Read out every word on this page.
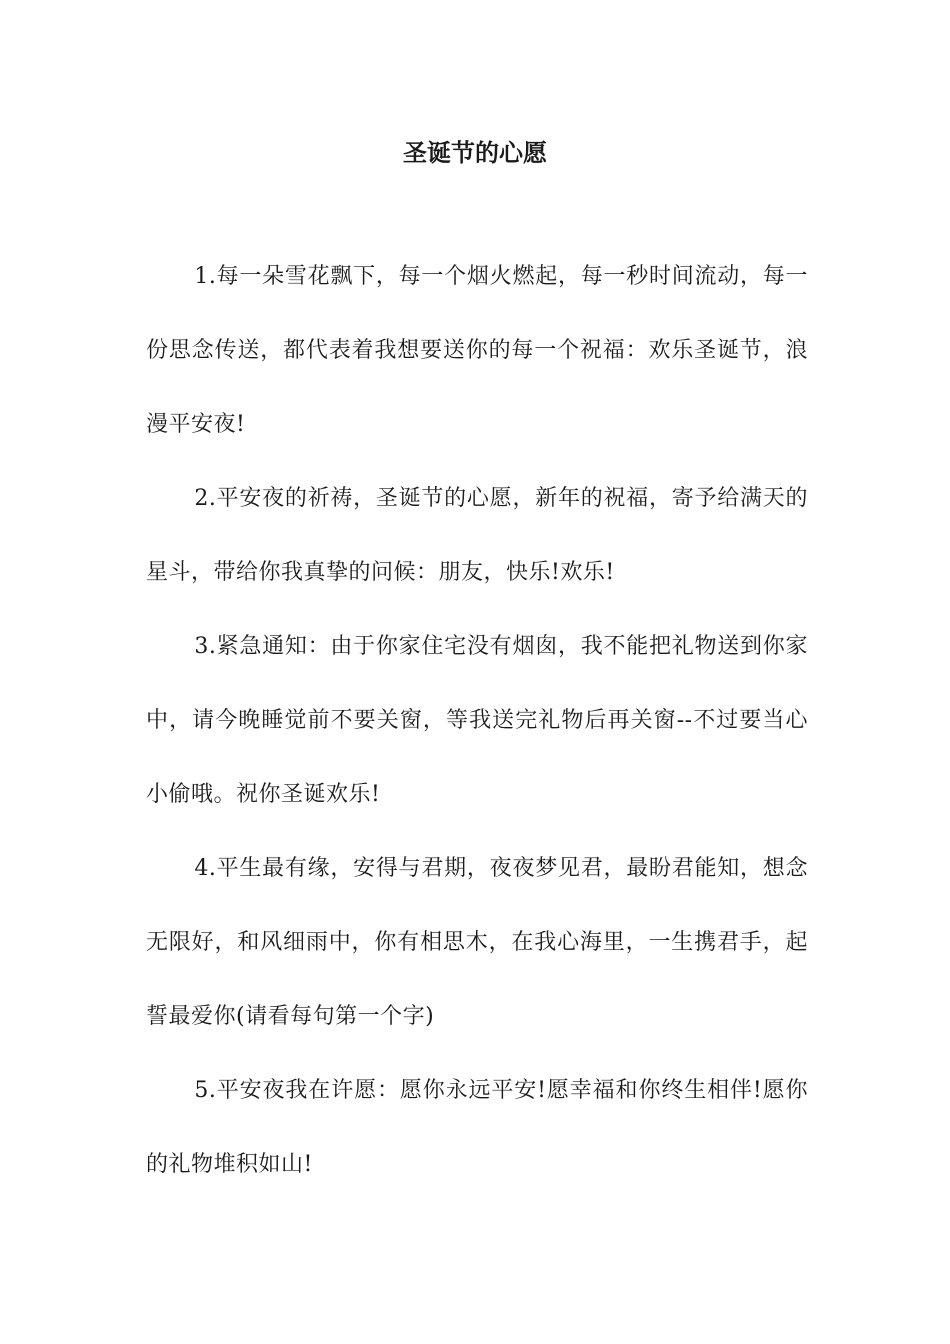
圣诞节的心愿

1.每一朵雪花飘下，每一个烟火燃起，每一秒时间流动，每一份思念传送，都代表着我想要送你的每一个祝福：欢乐圣诞节，浪漫平安夜!

2.平安夜的祈祷，圣诞节的心愿，新年的祝福，寄予给满天的星斗，带给你我真挚的问候：朋友，快乐!欢乐!

3.紧急通知：由于你家住宅没有烟囱，我不能把礼物送到你家中，请今晚睡觉前不要关窗，等我送完礼物后再关窗--不过要当心小偷哦。祝你圣诞欢乐!

4.平生最有缘，安得与君期，夜夜梦见君，最盼君能知，想念无限好，和风细雨中，你有相思木，在我心海里，一生携君手，起誓最爱你(请看每句第一个字)

5.平安夜我在许愿：愿你永远平安!愿幸福和你终生相伴!愿你的礼物堆积如山!
